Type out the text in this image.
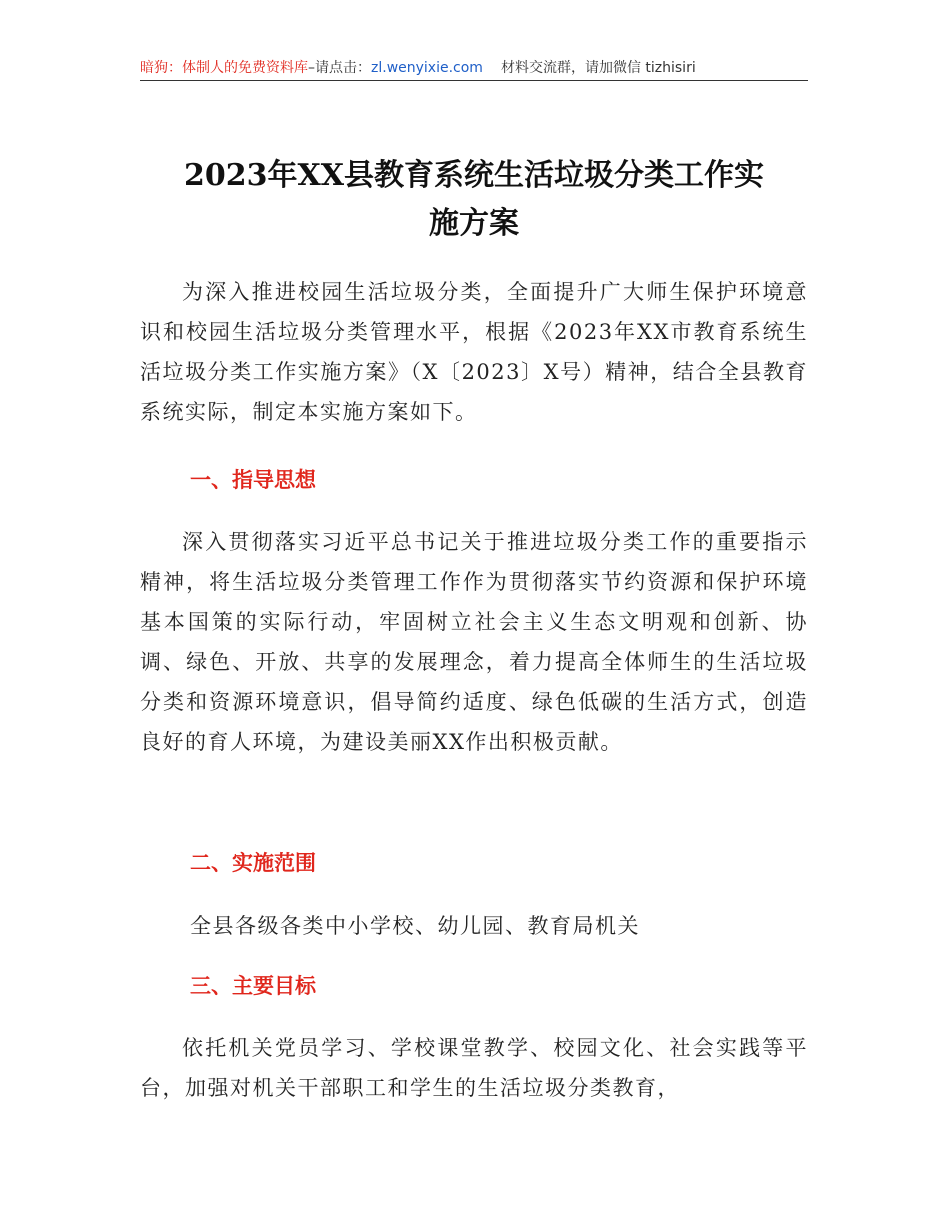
暗狗：体制人的免费资料库–请点击：zl.wenyixie.com 材料交流群，请加微信 tizhisiri
2023年XX县教育系统生活垃圾分类工作实
施方案

为深入推进校园生活垃圾分类，全面提升广大师生保护环境意识和校园生活垃圾分类管理水平，根据《2023年XX市教育系统生活垃圾分类工作实施方案》（X〔2023〕X号）精神，结合全县教育系统实际，制定本实施方案如下。

一、指导思想

深入贯彻落实习近平总书记关于推进垃圾分类工作的重要指示精神，将生活垃圾分类管理工作作为贯彻落实节约资源和保护环境基本国策的实际行动，牢固树立社会主义生态文明观和创新、协调、绿色、开放、共享的发展理念，着力提高全体师生的生活垃圾分类和资源环境意识，倡导简约适度、绿色低碳的生活方式，创造良好的育人环境，为建设美丽XX作出积极贡献。

二、实施范围

全县各级各类中小学校、幼儿园、教育局机关

三、主要目标

依托机关党员学习、学校课堂教学、校园文化、社会实践等平台，加强对机关干部职工和学生的生活垃圾分类教育，
